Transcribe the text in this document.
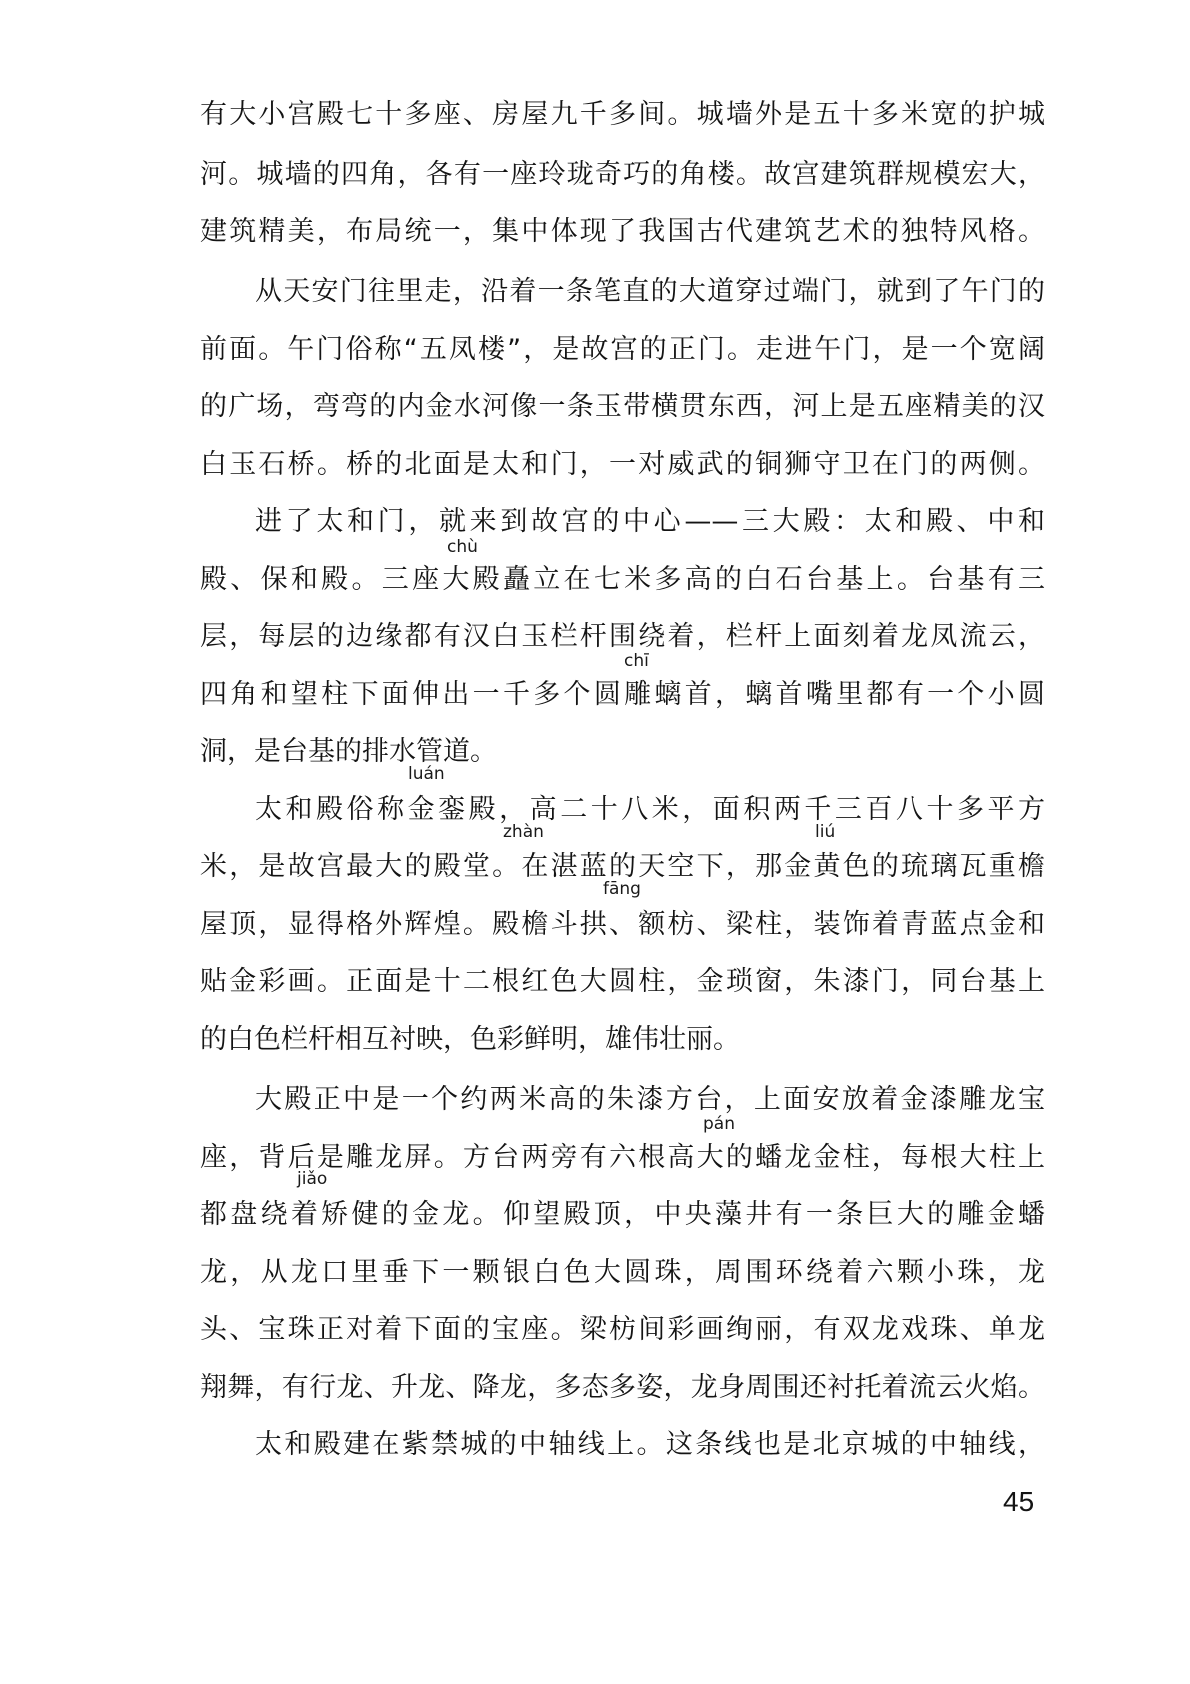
有大小宫殿七十多座、房屋九千多间。城墙外是五十多米宽的护城
河。城墙的四角，各有一座玲珑奇巧的角楼。故宫建筑群规模宏大，
建筑精美，布局统一，集中体现了我国古代建筑艺术的独特风格。
从天安门往里走，沿着一条笔直的大道穿过端门，就到了午门的
前面。午门俗称“五凤楼”，是故宫的正门。走进午门，是一个宽阔
的广场，弯弯的内金水河像一条玉带横贯东西，河上是五座精美的汉
白玉石桥。桥的北面是太和门，一对威武的铜狮守卫在门的两侧。
进了太和门，就来到故宫的中心——三大殿：太和殿、中和
殿、保和殿。三座大殿矗立在七米多高的白石台基上。台基有三
层，每层的边缘都有汉白玉栏杆围绕着，栏杆上面刻着龙凤流云，
四角和望柱下面伸出一千多个圆雕螭首，螭首嘴里都有一个小圆
洞，是台基的排水管道。
太和殿俗称金銮殿，高二十八米，面积两千三百八十多平方
米，是故宫最大的殿堂。在湛蓝的天空下，那金黄色的琉璃瓦重檐
屋顶，显得格外辉煌。殿檐斗拱、额枋、梁柱，装饰着青蓝点金和
贴金彩画。正面是十二根红色大圆柱，金琐窗，朱漆门，同台基上
的白色栏杆相互衬映，色彩鲜明，雄伟壮丽。
大殿正中是一个约两米高的朱漆方台，上面安放着金漆雕龙宝
座，背后是雕龙屏。方台两旁有六根高大的蟠龙金柱，每根大柱上
都盘绕着矫健的金龙。仰望殿顶，中央藻井有一条巨大的雕金蟠
龙，从龙口里垂下一颗银白色大圆珠，周围环绕着六颗小珠，龙
头、宝珠正对着下面的宝座。梁枋间彩画绚丽，有双龙戏珠、单龙
翔舞，有行龙、升龙、降龙，多态多姿，龙身周围还衬托着流云火焰。
太和殿建在紫禁城的中轴线上。这条线也是北京城的中轴线，
chù
chī
luán
zhàn	liú
fāng
pán
jiǎo
45
